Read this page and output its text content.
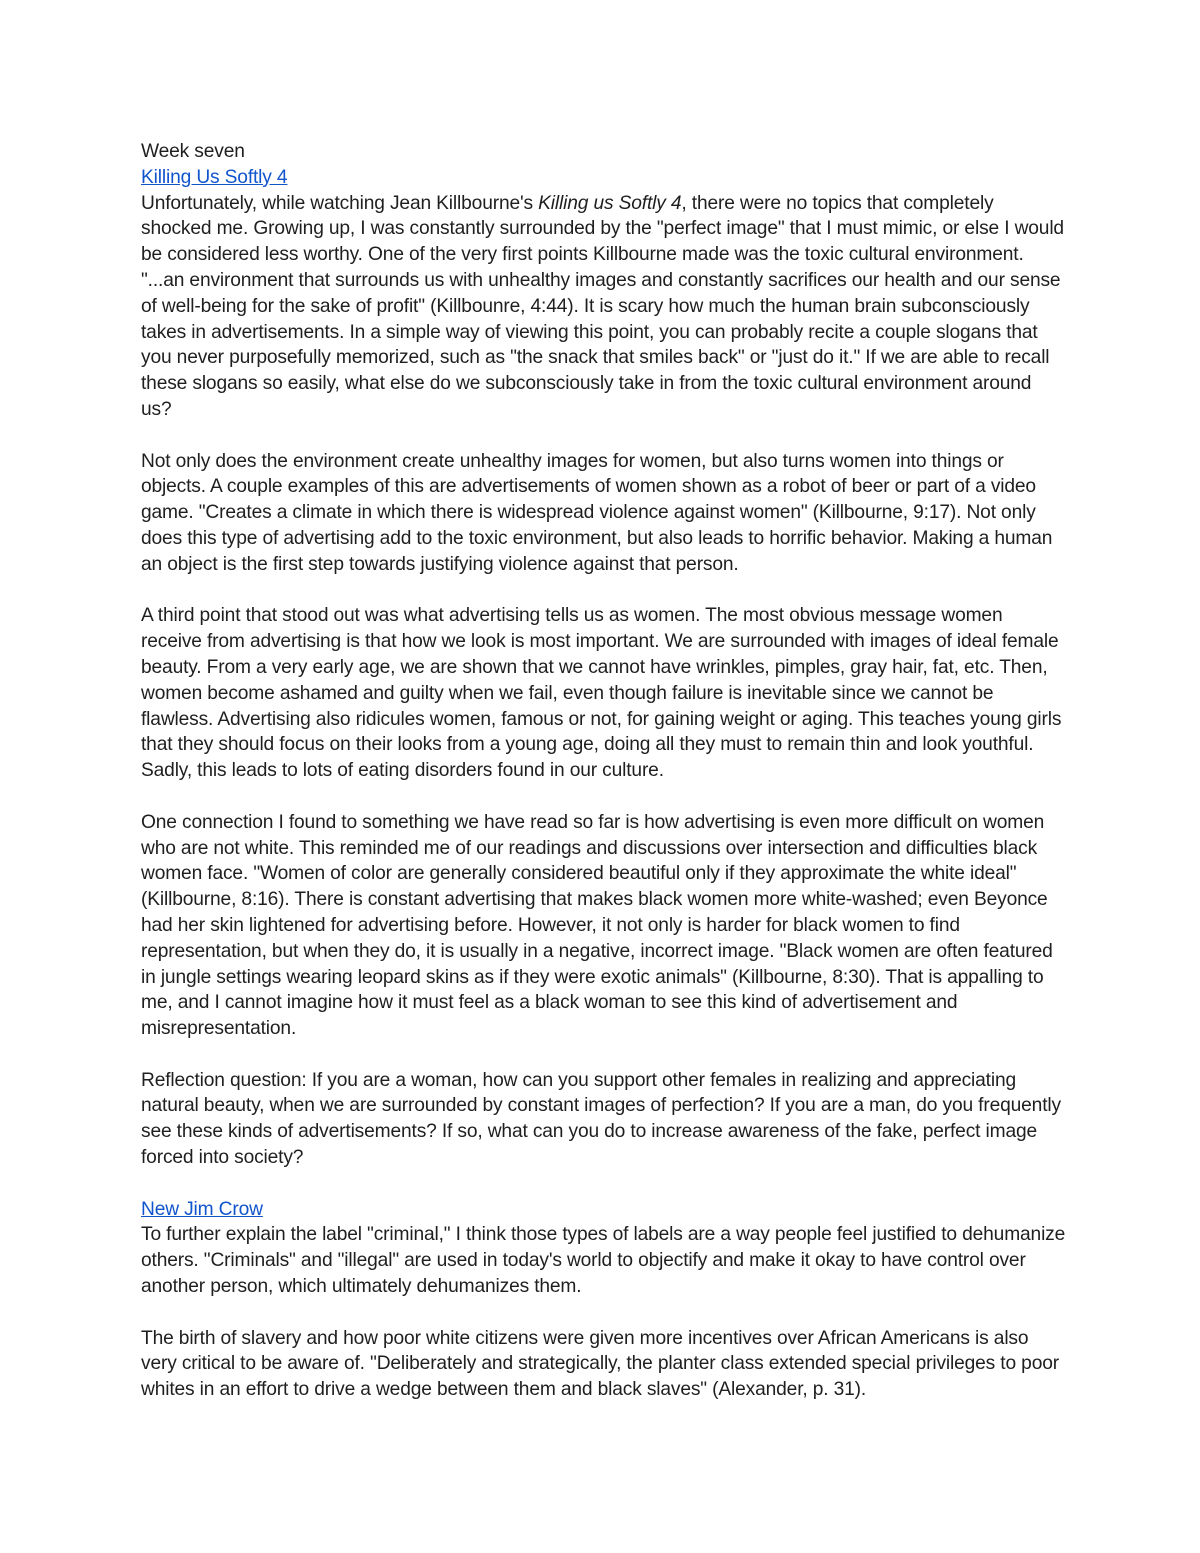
Week seven

Killing Us Softly 4

Unfortunately, while watching Jean Killbourne's Killing us Softly 4, there were no topics that completely shocked me. Growing up, I was constantly surrounded by the "perfect image" that I must mimic, or else I would be considered less worthy. One of the very first points Killbourne made was the toxic cultural environment. "...an environment that surrounds us with unhealthy images and constantly sacrifices our health and our sense of well-being for the sake of profit" (Killbounre, 4:44). It is scary how much the human brain subconsciously takes in advertisements. In a simple way of viewing this point, you can probably recite a couple slogans that you never purposefully memorized, such as "the snack that smiles back" or "just do it." If we are able to recall these slogans so easily, what else do we subconsciously take in from the toxic cultural environment around us?

Not only does the environment create unhealthy images for women, but also turns women into things or objects. A couple examples of this are advertisements of women shown as a robot of beer or part of a video game. "Creates a climate in which there is widespread violence against women" (Killbourne, 9:17). Not only does this type of advertising add to the toxic environment, but also leads to horrific behavior. Making a human an object is the first step towards justifying violence against that person.

A third point that stood out was what advertising tells us as women. The most obvious message women receive from advertising is that how we look is most important. We are surrounded with images of ideal female beauty. From a very early age, we are shown that we cannot have wrinkles, pimples, gray hair, fat, etc. Then, women become ashamed and guilty when we fail, even though failure is inevitable since we cannot be flawless. Advertising also ridicules women, famous or not, for gaining weight or aging. This teaches young girls that they should focus on their looks from a young age, doing all they must to remain thin and look youthful. Sadly, this leads to lots of eating disorders found in our culture.

One connection I found to something we have read so far is how advertising is even more difficult on women who are not white. This reminded me of our readings and discussions over intersection and difficulties black women face. "Women of color are generally considered beautiful only if they approximate the white ideal" (Killbourne, 8:16). There is constant advertising that makes black women more white-washed; even Beyonce had her skin lightened for advertising before. However, it not only is harder for black women to find representation, but when they do, it is usually in a negative, incorrect image. "Black women are often featured in jungle settings wearing leopard skins as if they were exotic animals" (Killbourne, 8:30). That is appalling to me, and I cannot imagine how it must feel as a black woman to see this kind of advertisement and misrepresentation.

Reflection question: If you are a woman, how can you support other females in realizing and appreciating natural beauty, when we are surrounded by constant images of perfection? If you are a man, do you frequently see these kinds of advertisements? If so, what can you do to increase awareness of the fake, perfect image forced into society?

New Jim Crow

To further explain the label "criminal," I think those types of labels are a way people feel justified to dehumanize others. "Criminals" and "illegal" are used in today's world to objectify and make it okay to have control over another person, which ultimately dehumanizes them.

The birth of slavery and how poor white citizens were given more incentives over African Americans is also very critical to be aware of. "Deliberately and strategically, the planter class extended special privileges to poor whites in an effort to drive a wedge between them and black slaves" (Alexander, p. 31).
